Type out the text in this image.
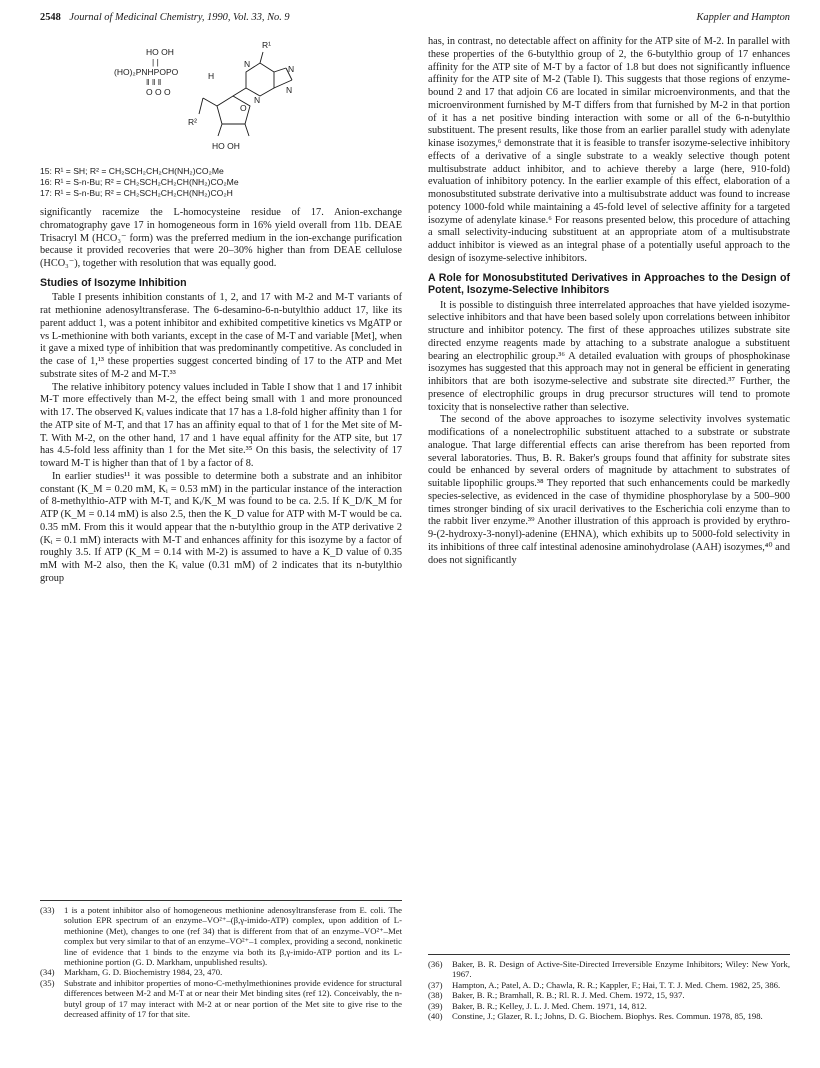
2548 Journal of Medicinal Chemistry, 1990, Vol. 33, No. 9	Kappler and Hampton
R¹
HO OH
| |
(HO)₂PNHPOPO
‖ ‖ ‖
O O O
H
N	N
N
N
O
R²
HO OH
15: R¹ = SH; R² = CH₂SCH₂CH₂CH(NH₂)CO₂Me
16: R¹ = S-n-Bu; R² = CH₂SCH₂CH₂CH(NH₂)CO₂Me
17: R¹ = S-n-Bu; R² = CH₂SCH₂CH₂CH(NH₂)CO₂H

significantly racemize the L-homocysteine residue of 17. Anion-exchange chromatography gave 17 in homogeneous form in 16% yield overall from 11b. DEAE Trisacryl M (HCO₃⁻ form) was the preferred medium in the ion-exchange purification because it provided recoveries that were 20–30% higher than from DEAE cellulose (HCO₃⁻), together with resolution that was equally good.

Studies of Isozyme Inhibition

Table I presents inhibition constants of 1, 2, and 17 with M-2 and M-T variants of rat methionine adenosyltransferase. The 6-desamino-6-n-butylthio adduct 17, like its parent adduct 1, was a potent inhibitor and exhibited competitive kinetics vs MgATP or vs L-methionine with both variants, except in the case of M-T and variable [Met], when it gave a mixed type of inhibition that was predominantly competitive. As concluded in the case of 1,¹³ these properties suggest concerted binding of 17 to the ATP and Met substrate sites of M-2 and M-T.³³

The relative inhibitory potency values included in Table I show that 1 and 17 inhibit M-T more effectively than M-2, the effect being small with 1 and more pronounced with 17. The observed Kᵢ values indicate that 17 has a 1.8-fold higher affinity than 1 for the ATP site of M-T, and that 17 has an affinity equal to that of 1 for the Met site of M-T. With M-2, on the other hand, 17 and 1 have equal affinity for the ATP site, but 17 has 4.5-fold less affinity than 1 for the Met site.³⁵ On this basis, the selectivity of 17 toward M-T is higher than that of 1 by a factor of 8.

In earlier studies¹¹ it was possible to determine both a substrate and an inhibitor constant (K_M = 0.20 mM, Kᵢ = 0.53 mM) in the particular instance of the interaction of 8-methylthio-ATP with M-T, and Kᵢ/K_M was found to be ca. 2.5. If K_D/K_M for ATP (K_M = 0.14 mM) is also 2.5, then the K_D value for ATP with M-T would be ca. 0.35 mM. From this it would appear that the n-butylthio group in the ATP derivative 2 (Kᵢ = 0.1 mM) interacts with M-T and enhances affinity for this isozyme by a factor of roughly 3.5. If ATP (K_M = 0.14 with M-2) is assumed to have a K_D value of 0.35 mM with M-2 also, then the Kᵢ value (0.31 mM) of 2 indicates that its n-butylthio group

has, in contrast, no detectable affect on affinity for the ATP site of M-2. In parallel with these properties of the 6-butylthio group of 2, the 6-butylthio group of 17 enhances affinity for the ATP site of M-T by a factor of 1.8 but does not significantly influence affinity for the ATP site of M-2 (Table I). This suggests that those regions of enzyme-bound 2 and 17 that adjoin C6 are located in similar microenvironments, and that the microenvironment furnished by M-T differs from that furnished by M-2 in that portion of it has a net positive binding interaction with some or all of the 6-n-butylthio substituent. The present results, like those from an earlier parallel study with adenylate kinase isozymes,⁶ demonstrate that it is feasible to transfer isozyme-selective inhibitory effects of a derivative of a single substrate to a weakly selective though potent multisubstrate adduct inhibitor, and to achieve thereby a large (here, 910-fold) evaluation of inhibitory potency. In the earlier example of this effect, elaboration of a monosubstituted substrate derivative into a multisubstrate adduct was found to increase potency 1000-fold while maintaining a 45-fold level of selective affinity for a targeted isozyme of adenylate kinase.⁶ For reasons presented below, this procedure of attaching a small selectivity-inducing substituent at an appropriate atom of a multisubstrate adduct inhibitor is viewed as an integral phase of a potentially useful approach to the design of isozyme-selective inhibitors.

A Role for Monosubstituted Derivatives in Approaches to the Design of Potent, Isozyme-Selective Inhibitors

It is possible to distinguish three interrelated approaches that have yielded isozyme-selective inhibitors and that have been based solely upon correlations between inhibitor structure and inhibitor potency. The first of these approaches utilizes substrate site directed enzyme reagents made by attaching to a substrate analogue a substituent bearing an electrophilic group.³⁶ A detailed evaluation with groups of phosphokinase isozymes has suggested that this approach may not in general be efficient in generating inhibitors that are both isozyme-selective and substrate site directed.³⁷ Further, the presence of electrophilic groups in drug precursor structures will tend to promote toxicity that is nonselective rather than selective.

The second of the above approaches to isozyme selectivity involves systematic modifications of a nonelectrophilic substituent attached to a substrate or substrate analogue. That large differential effects can arise therefrom has been reported from several laboratories. Thus, B. R. Baker's groups found that affinity for substrate sites could be enhanced by several orders of magnitude by attachment to substrates of suitable lipophilic groups.³⁸ They reported that such enhancements could be markedly species-selective, as evidenced in the case of thymidine phosphorylase by a 500–900 times stronger binding of six uracil derivatives to the Escherichia coli enzyme than to the rabbit liver enzyme.³⁹ Another illustration of this approach is provided by erythro-9-(2-hydroxy-3-nonyl)-adenine (EHNA), which exhibits up to 5000-fold selectivity in its inhibitions of three calf intestinal adenosine aminohydrolase (AAH) isozymes,⁴⁰ and does not significantly

(33) 1 is a potent inhibitor also of homogeneous methionine adenosyltransferase from E. coli. The solution EPR spectrum of an enzyme–VO²⁺–(β,γ-imido-ATP) complex, upon addition of L-methionine (Met), changes to one (ref 34) that is different from that of an enzyme–VO²⁺–Met complex but very similar to that of an enzyme–VO²⁺–1 complex, providing a second, nonkinetic line of evidence that 1 binds to the enzyme via both its β,γ-imido-ATP portion and its L-methionine portion (G. D. Markham, unpublished results).
(34) Markham, G. D. Biochemistry 1984, 23, 470.
(35) Substrate and inhibitor properties of mono-C-methylmethionines provide evidence for structural differences between M-2 and M-T at or near their Met binding sites (ref 12). Conceivably, the n-butyl group of 17 may interact with M-2 at or near portion of the Met site to give rise to the decreased affinity of 17 for that site.
(36) Baker, B. R. Design of Active-Site-Directed Irreversible Enzyme Inhibitors; Wiley: New York, 1967.
(37) Hampton, A.; Patel, A. D.; Chawla, R. R.; Kappler, F.; Hai, T. T. J. Med. Chem. 1982, 25, 386.
(38) Baker, B. R.; Bramhall, R. B.; Rl. R. J. Med. Chem. 1972, 15, 937.
(39) Baker, B. R.; Kelley, J. L. J. Med. Chem. 1971, 14, 812.
(40) Constine, J.; Glazer, R. I.; Johns, D. G. Biochem. Biophys. Res. Commun. 1978, 85, 198.
